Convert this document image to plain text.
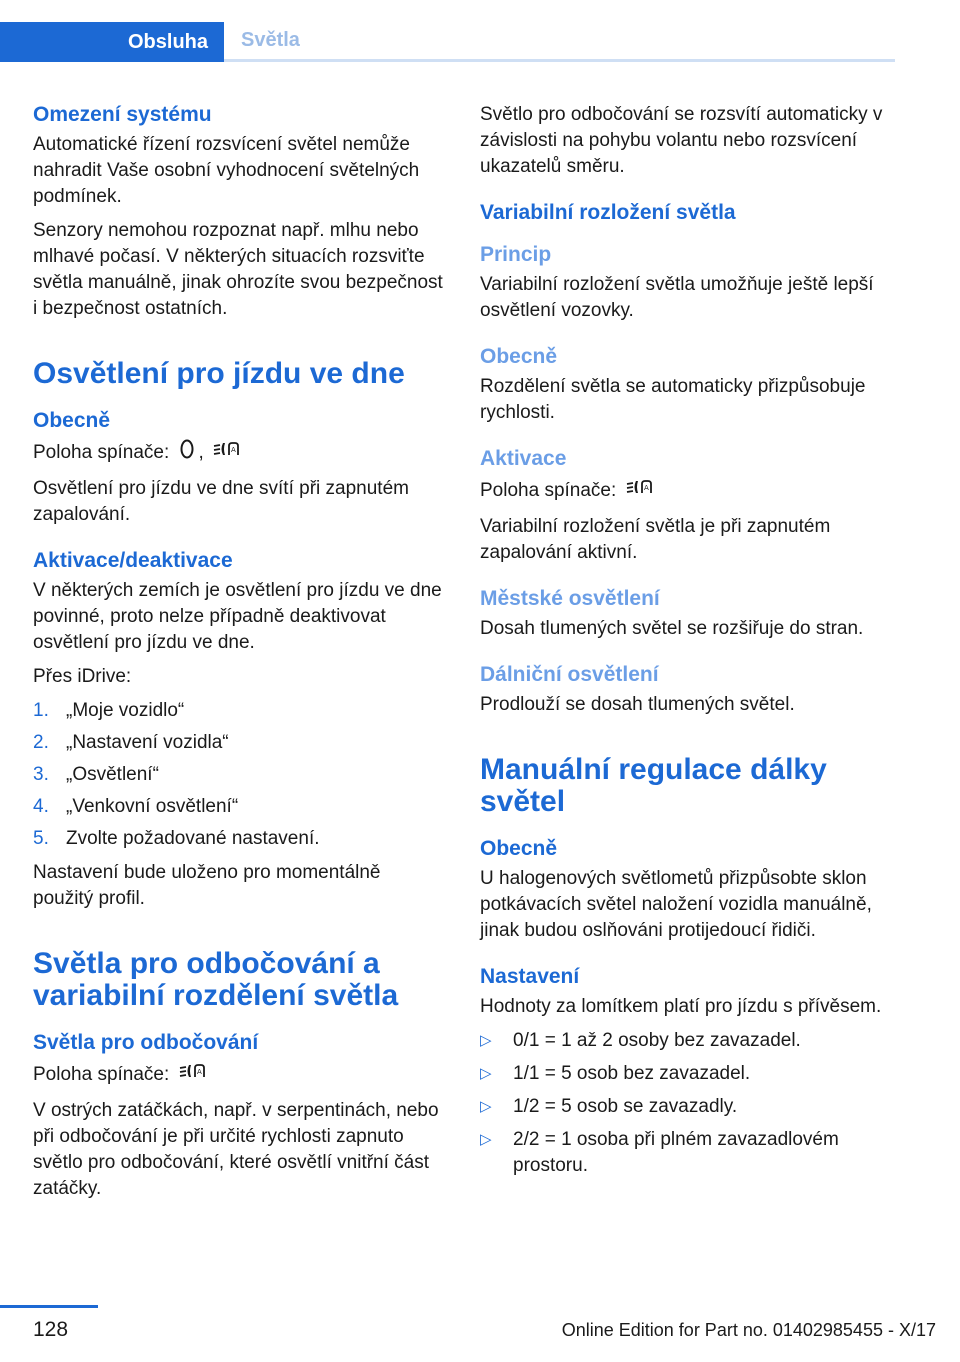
Obsluha	Světla
Omezení systému

Automatické řízení rozsvícení světel nemůže nahradit Vaše osobní vyhodnocení světelných podmínek.

Senzory nemohou rozpoznat např. mlhu nebo mlhavé počasí. V některých situacích rozsviťte světla manuálně, jinak ohrozíte svou bezpečnost i bezpečnost ostatních.

Osvětlení pro jízdu ve dne
Obecně

Poloha spínače: ,	A

Osvětlení pro jízdu ve dne svítí při zapnutém zapalování.

Aktivace/deaktivace

V některých zemích je osvětlení pro jízdu ve dne povinné, proto nelze případně deaktivovat osvětlení pro jízdu ve dne.

Přes iDrive:

1. „Moje vozidlo“
2. „Nastavení vozidla“
3. „Osvětlení“
4. „Venkovní osvětlení“
5. Zvolte požadované nastavení.

Nastavení bude uloženo pro momentálně použitý profil.

Světla pro odbočování a variabilní rozdělení světla
Světla pro odbočování

Poloha spínače:	A

V ostrých zatáčkách, např. v serpentinách, nebo při odbočování je při určité rychlosti zapnuto světlo pro odbočování, které osvětlí vnitřní část zatáčky.

Světlo pro odbočování se rozsvítí automaticky v závislosti na pohybu volantu nebo rozsvícení ukazatelů směru.

Variabilní rozložení světla
Princip

Variabilní rozložení světla umožňuje ještě lepší osvětlení vozovky.

Obecně

Rozdělení světla se automaticky přizpůsobuje rychlosti.

Aktivace

Poloha spínače:	A

Variabilní rozložení světla je při zapnutém zapalování aktivní.

Městské osvětlení

Dosah tlumených světel se rozšiřuje do stran.

Dálniční osvětlení

Prodlouží se dosah tlumených světel.

Manuální regulace dálky světel
Obecně

U halogenových světlometů přizpůsobte sklon potkávacích světel naložení vozidla manuálně, jinak budou oslňováni protijedoucí řidiči.

Nastavení

Hodnoty za lomítkem platí pro jízdu s přívěsem.

▷ 0/1 = 1 až 2 osoby bez zavazadel.
▷ 1/1 = 5 osob bez zavazadel.
▷ 1/2 = 5 osob se zavazadly.
▷ 2/2 = 1 osoba při plném zavazadlovém prostoru.
128	Online Edition for Part no. 01402985455 - X/17
